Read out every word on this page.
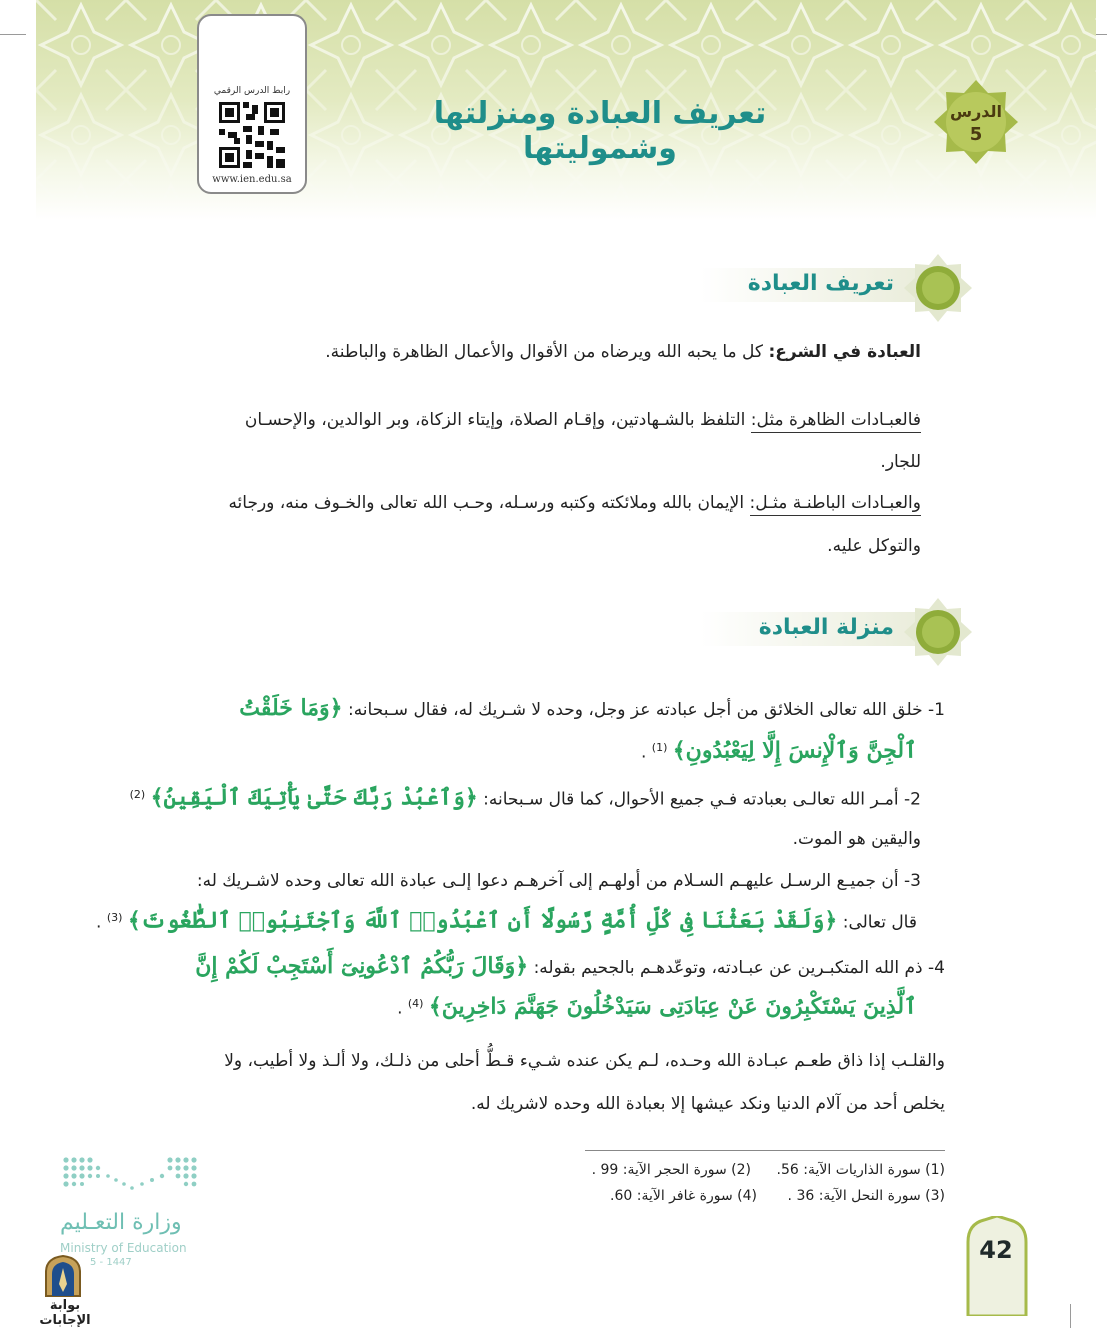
الدرس
5
تعريف العبادة ومنزلتها وشموليتها
رابط الدرس الرقمي
www.ien.edu.sa
تعريف العبادة
العبادة في الشرع: كل ما يحبه الله ويرضاه من الأقوال والأعمال الظاهرة والباطنة.
فالعبـادات الظاهرة مثل: التلفظ بالشـهادتين، وإقـام الصلاة، وإيتاء الزكاة، وبر الوالدين، والإحسـان
للجار.
والعبـادات الباطنـة مثـل: الإيمان بالله وملائكته وكتبه ورسـله، وحـب الله تعالى والخـوف منه، ورجائه
والتوكل عليه.
منزلة العبادة
1- خلق الله تعالى الخلائق من أجل عبادته عز وجل، وحده لا شـريك له، فقال سـبحانه: ﴿وَمَا خَلَقْتُ
ٱلْجِنَّ وَٱلْإِنسَ إِلَّا لِيَعْبُدُونِ﴾ $^{(1)}$ .
2- أمـر الله تعالـى بعبادته فـي جميع الأحوال، كما قال سـبحانه: ﴿وَٱعْبُدْ رَبَّكَ حَتَّىٰ يَأْتِيَكَ ٱلْيَقِينُ﴾ $^{(2)}$
واليقين هو الموت.
3- أن جميـع الرسـل عليهـم السـلام من أولهـم إلى آخرهـم دعوا إلـى عبادة الله تعالى وحده لاشـريك له:
قال تعالى: ﴿وَلَقَدْ بَعَثْنَا فِى كُلِّ أُمَّةٍ رَّسُولًا أَنِ ٱعْبُدُوا۟ ٱللَّهَ وَٱجْتَنِبُوا۟ ٱلطَّٰغُوتَ﴾ $^{(3)}$ .
4- ذم الله المتكبـرين عن عبـادته، وتوعّدهـم بالجحيم بقوله: ﴿وَقَالَ رَبُّكُمُ ٱدْعُونِىٓ أَسْتَجِبْ لَكُمْ إِنَّ
ٱلَّذِينَ يَسْتَكْبِرُونَ عَنْ عِبَادَتِى سَيَدْخُلُونَ جَهَنَّمَ دَاخِرِينَ﴾ $^{(4)}$ .
والقلـب إذا ذاق طعـم عبـادة الله وحـده، لـم يكن عنده شـيء قـطُّ أحلى من ذلـك، ولا ألـذ ولا أطيب، ولا
يخلص أحد من آلام الدنيا ونكد عيشها إلا بعبادة الله وحده لاشريك له.
(1) سورة الذاريات الآية: 56.
(2) سورة الحجر الآية: 99 .
(3) سورة النحل الآية: 36 .
(4) سورة غافر الآية: 60.
وزارة التعـليم
Ministry of Education
5 - 1447	42
بوابة الإجابات
